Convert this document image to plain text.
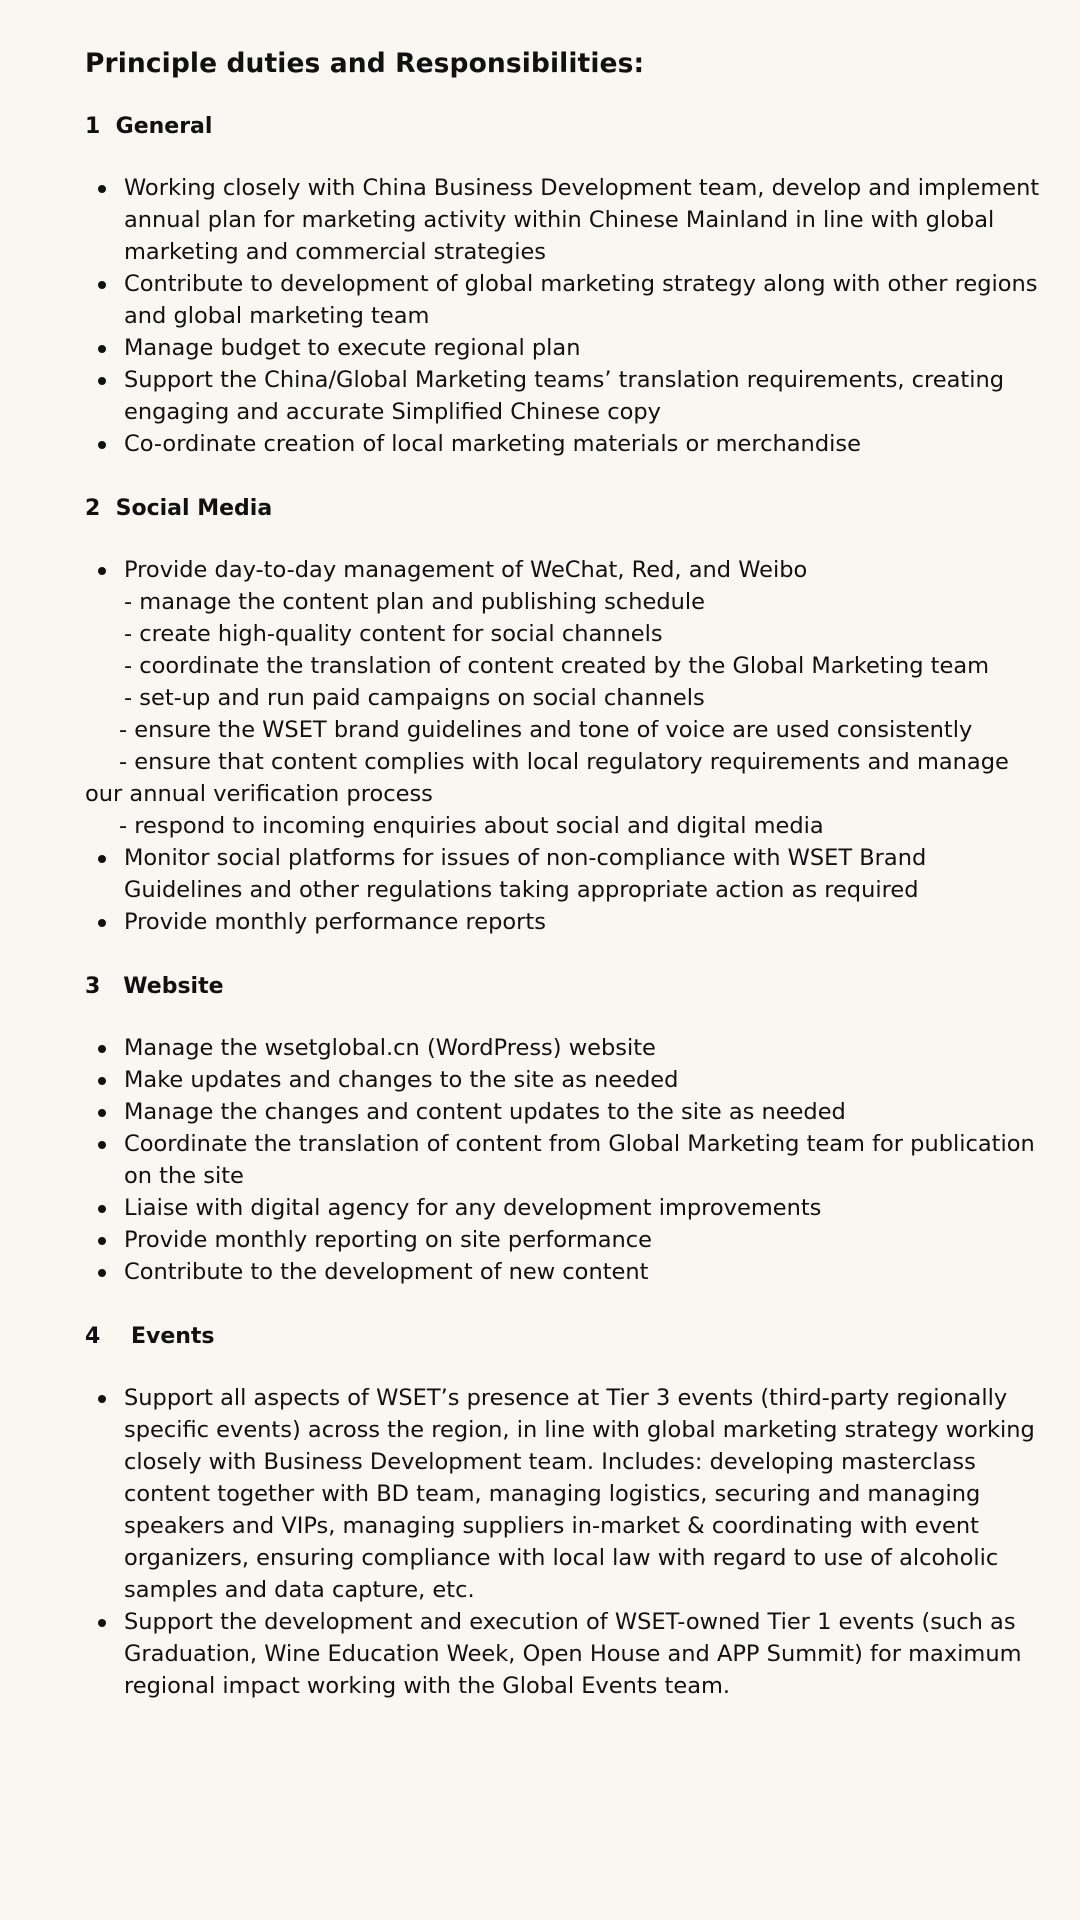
Principle duties and Responsibilities:
1 General
Working closely with China Business Development team, develop and implement annual plan for marketing activity within Chinese Mainland in line with global marketing and commercial strategies
Contribute to development of global marketing strategy along with other regions and global marketing team
Manage budget to execute regional plan
Support the China/Global Marketing teams’ translation requirements, creating engaging and accurate Simplified Chinese copy
Co-ordinate creation of local marketing materials or merchandise
2 Social Media
Provide day-to-day management of WeChat, Red, and Weibo
- manage the content plan and publishing schedule
- create high-quality content for social channels
- coordinate the translation of content created by the Global Marketing team
- set-up and run paid campaigns on social channels
- ensure the WSET brand guidelines and tone of voice are used consistently
- ensure that content complies with local regulatory requirements and manage our annual verification process
- respond to incoming enquiries about social and digital media
Monitor social platforms for issues of non-compliance with WSET Brand Guidelines and other regulations taking appropriate action as required
Provide monthly performance reports
3 Website
Manage the wsetglobal.cn (WordPress) website
Make updates and changes to the site as needed
Manage the changes and content updates to the site as needed
Coordinate the translation of content from Global Marketing team for publication on the site
Liaise with digital agency for any development improvements
Provide monthly reporting on site performance
Contribute to the development of new content
4 Events
Support all aspects of WSET’s presence at Tier 3 events (third-party regionally specific events) across the region, in line with global marketing strategy working closely with Business Development team. Includes: developing masterclass content together with BD team, managing logistics, securing and managing speakers and VIPs, managing suppliers in-market & coordinating with event organizers, ensuring compliance with local law with regard to use of alcoholic samples and data capture, etc.
Support the development and execution of WSET-owned Tier 1 events (such as Graduation, Wine Education Week, Open House and APP Summit) for maximum regional impact working with the Global Events team.
